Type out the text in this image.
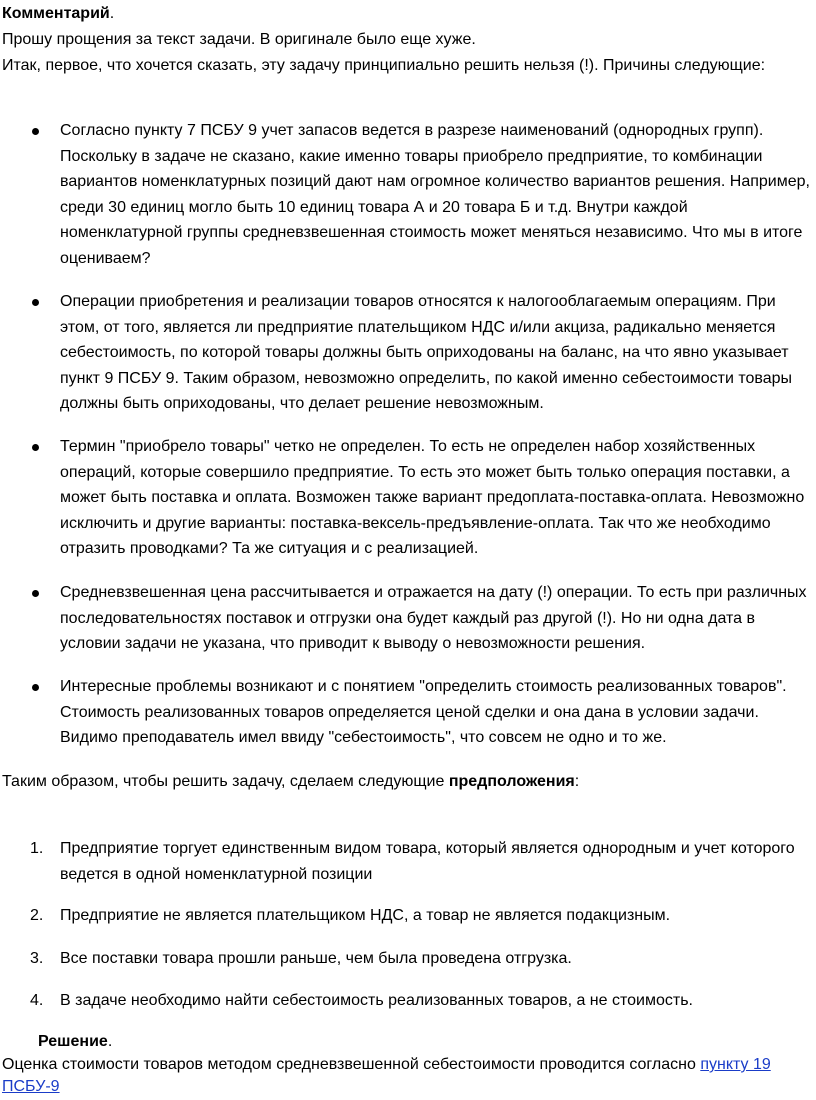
Комментарий.
Прошу прощения за текст задачи. В оригинале было еще хуже.
Итак, первое, что хочется сказать, эту задачу принципиально решить нельзя (!). Причины следующие:

Согласно пункту 7 ПСБУ 9 учет запасов ведется в разрезе наименований (однородных групп). Поскольку в задаче не сказано, какие именно товары приобрело предприятие, то комбинации вариантов номенклатурных позиций дают нам огромное количество вариантов решения. Например, среди 30 единиц могло быть 10 единиц товара А и 20 товара Б и т.д. Внутри каждой номенклатурной группы средневзвешенная стоимость может меняться независимо. Что мы в итоге оцениваем?

Операции приобретения и реализации товаров относятся к налогооблагаемым операциям. При этом, от того, является ли предприятие плательщиком НДС и/или акциза, радикально меняется себестоимость, по которой товары должны быть оприходованы на баланс, на что явно указывает пункт 9 ПСБУ 9. Таким образом, невозможно определить, по какой именно себестоимости товары должны быть оприходованы, что делает решение невозможным.

Термин "приобрело товары" четко не определен. То есть не определен набор хозяйственных операций, которые совершило предприятие. То есть это может быть только операция поставки, а может быть поставка и оплата. Возможен также вариант предоплата-поставка-оплата. Невозможно исключить и другие варианты: поставка-вексель-предъявление-оплата. Так что же необходимо отразить проводками? Та же ситуация и с реализацией.

Средневзвешенная цена рассчитывается и отражается на дату (!) операции. То есть при различных последовательностях поставок и отгрузки она будет каждый раз другой (!). Но ни одна дата в условии задачи не указана, что приводит к выводу о невозможности решения.

Интересные проблемы возникают и с понятием "определить стоимость реализованных товаров". Стоимость реализованных товаров определяется ценой сделки и она дана в условии задачи. Видимо преподаватель имел ввиду "себестоимость", что совсем не одно и то же.

Таким образом, чтобы решить задачу, сделаем следующие предположения:
1. Предприятие торгует единственным видом товара, который является однородным и учет которого ведется в одной номенклатурной позиции

2. Предприятие не является плательщиком НДС, а товар не является подакцизным.

3. Все поставки товара прошли раньше, чем была проведена отгрузка.

4. В задаче необходимо найти себестоимость реализованных товаров, а не стоимость.

Решение.
Оценка стоимости товаров методом средневзвешенной себестоимости проводится согласно пункту 19 ПСБУ-9
